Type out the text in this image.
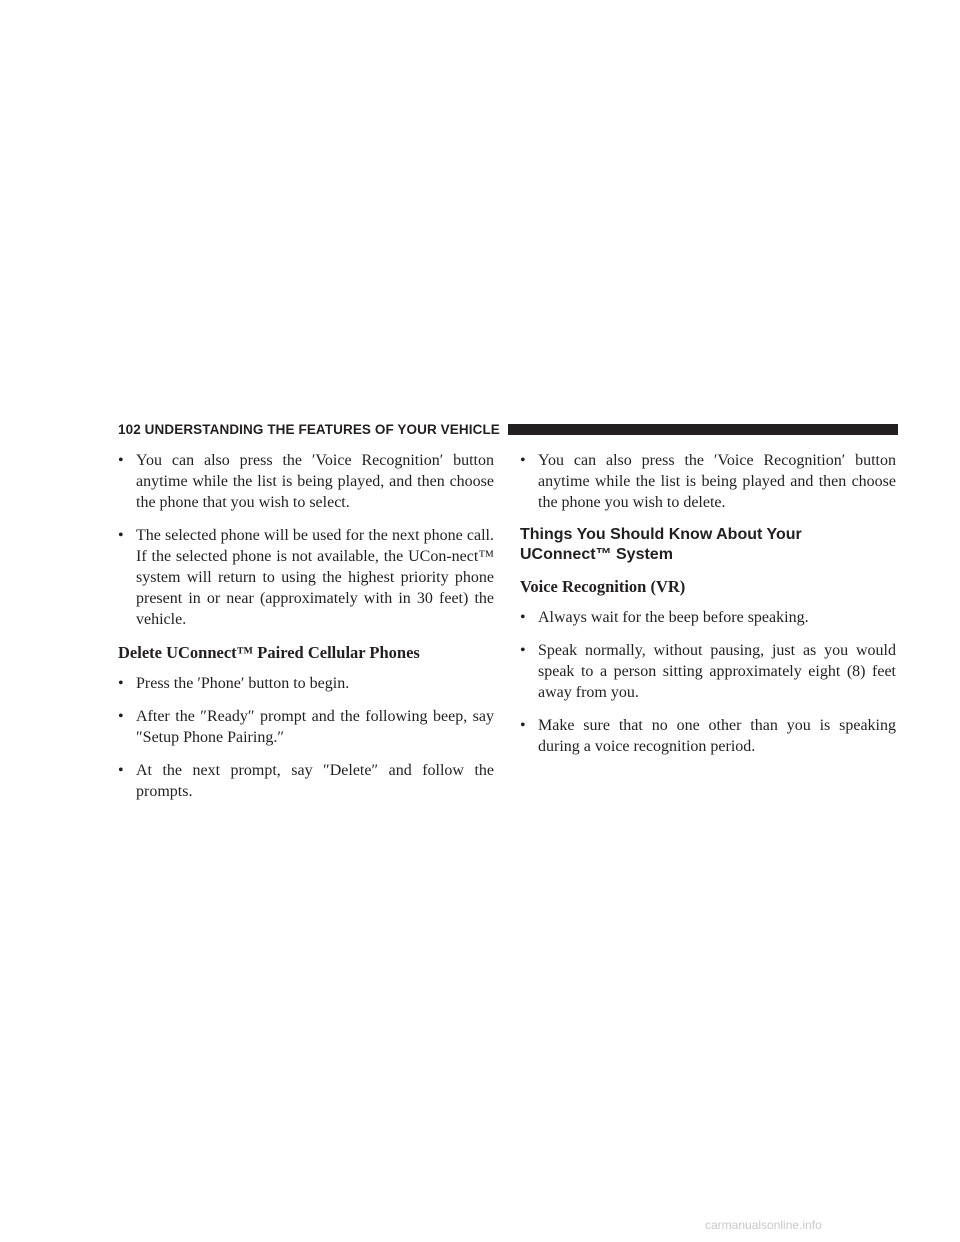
102 UNDERSTANDING THE FEATURES OF YOUR VEHICLE
• You can also press the ′Voice Recognition′ button anytime while the list is being played, and then choose the phone that you wish to select.
• The selected phone will be used for the next phone call. If the selected phone is not available, the UCon-nect™ system will return to using the highest priority phone present in or near (approximately with in 30 feet) the vehicle.
Delete UConnect™ Paired Cellular Phones
• Press the ′Phone′ button to begin.
• After the ″Ready″ prompt and the following beep, say ″Setup Phone Pairing.″
• At the next prompt, say ″Delete″ and follow the prompts.
• You can also press the ′Voice Recognition′ button anytime while the list is being played and then choose the phone you wish to delete.
Things You Should Know About Your UConnect™ System
Voice Recognition (VR)
• Always wait for the beep before speaking.
• Speak normally, without pausing, just as you would speak to a person sitting approximately eight (8) feet away from you.
• Make sure that no one other than you is speaking during a voice recognition period.
carmanualsonline.info
